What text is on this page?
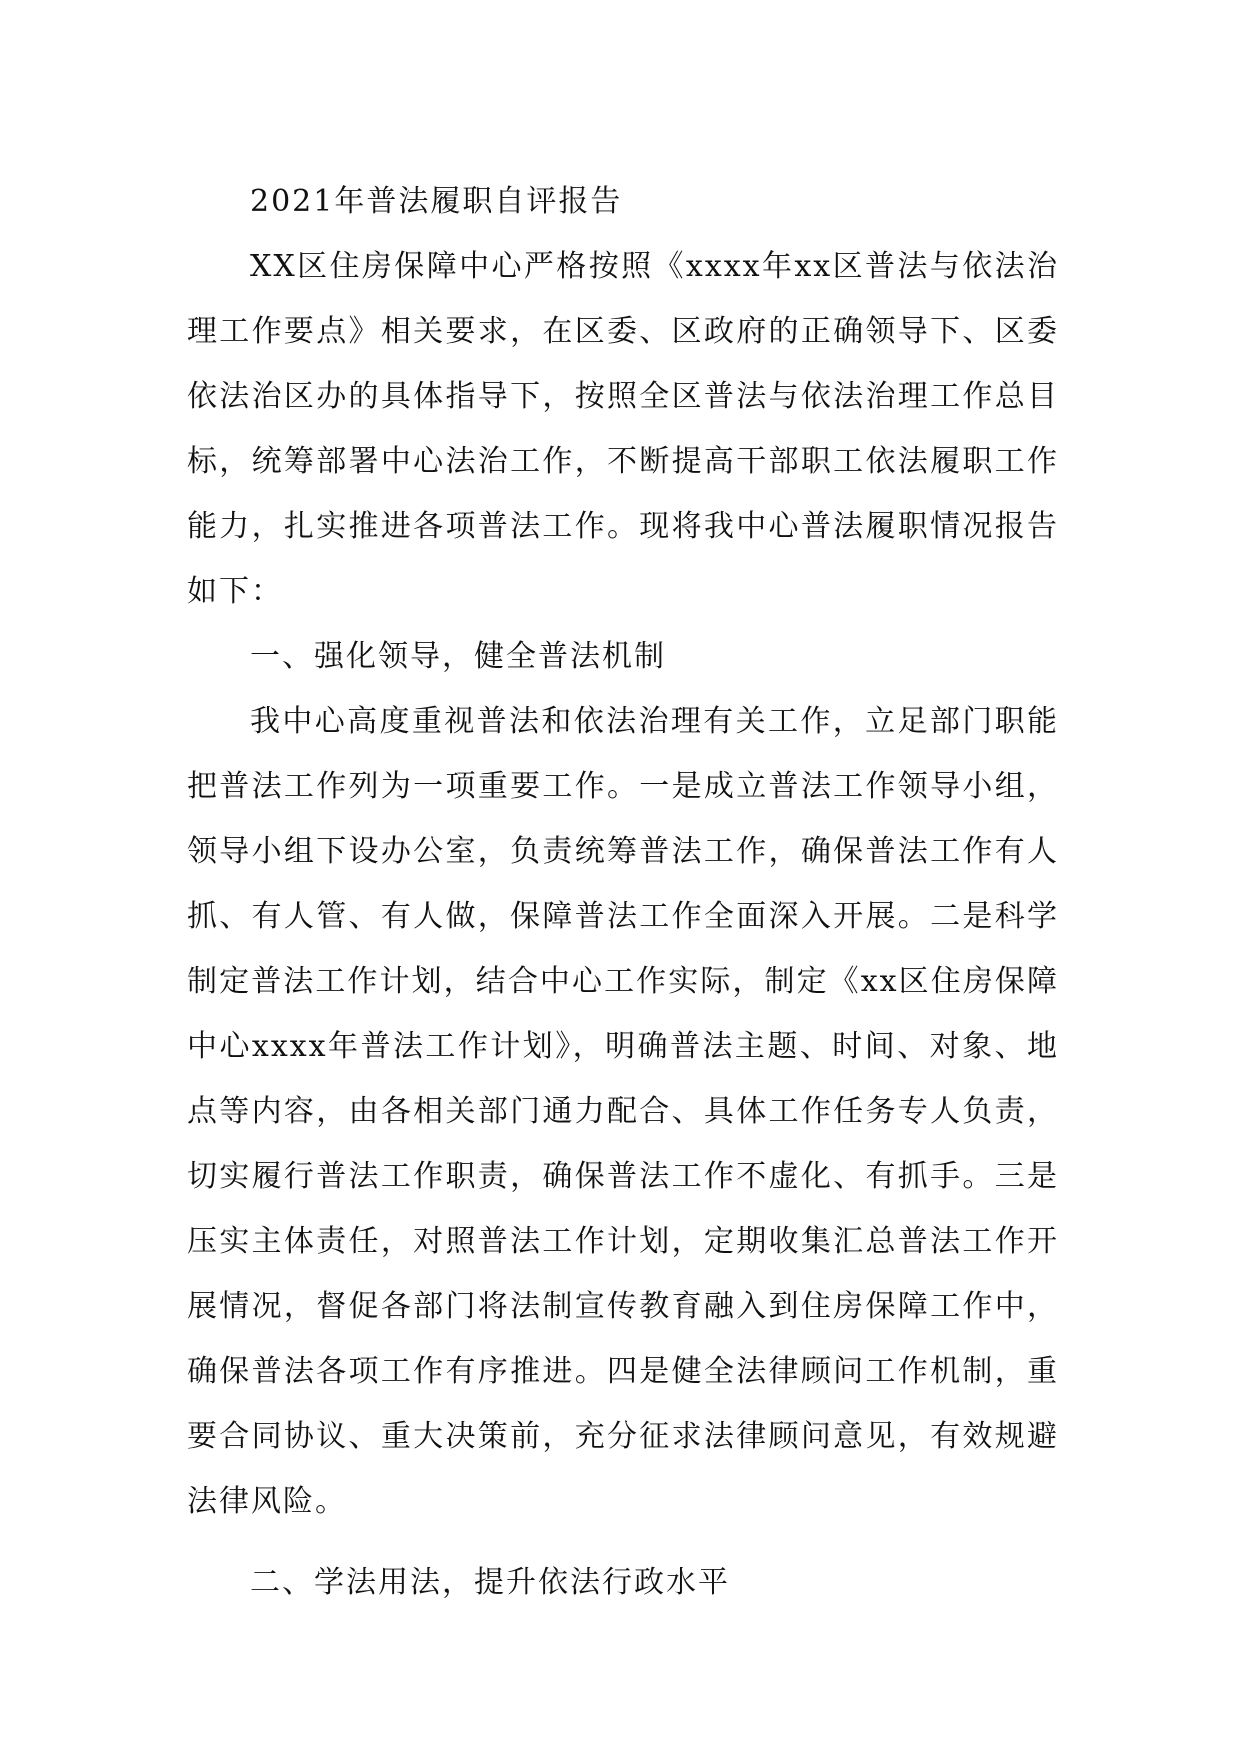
2021年普法履职自评报告

XX区住房保障中心严格按照《xxxx年xx区普法与依法治理工作要点》相关要求，在区委、区政府的正确领导下、区委依法治区办的具体指导下，按照全区普法与依法治理工作总目标，统筹部署中心法治工作，不断提高干部职工依法履职工作能力，扎实推进各项普法工作。现将我中心普法履职情况报告如下：

一、强化领导，健全普法机制

我中心高度重视普法和依法治理有关工作，立足部门职能把普法工作列为一项重要工作。一是成立普法工作领导小组，领导小组下设办公室，负责统筹普法工作，确保普法工作有人抓、有人管、有人做，保障普法工作全面深入开展。二是科学制定普法工作计划，结合中心工作实际，制定《xx区住房保障中心xxxx年普法工作计划》，明确普法主题、时间、对象、地点等内容，由各相关部门通力配合、具体工作任务专人负责，切实履行普法工作职责，确保普法工作不虚化、有抓手。三是压实主体责任，对照普法工作计划，定期收集汇总普法工作开展情况，督促各部门将法制宣传教育融入到住房保障工作中，确保普法各项工作有序推进。四是健全法律顾问工作机制，重要合同协议、重大决策前，充分征求法律顾问意见，有效规避法律风险。

二、学法用法，提升依法行政水平
